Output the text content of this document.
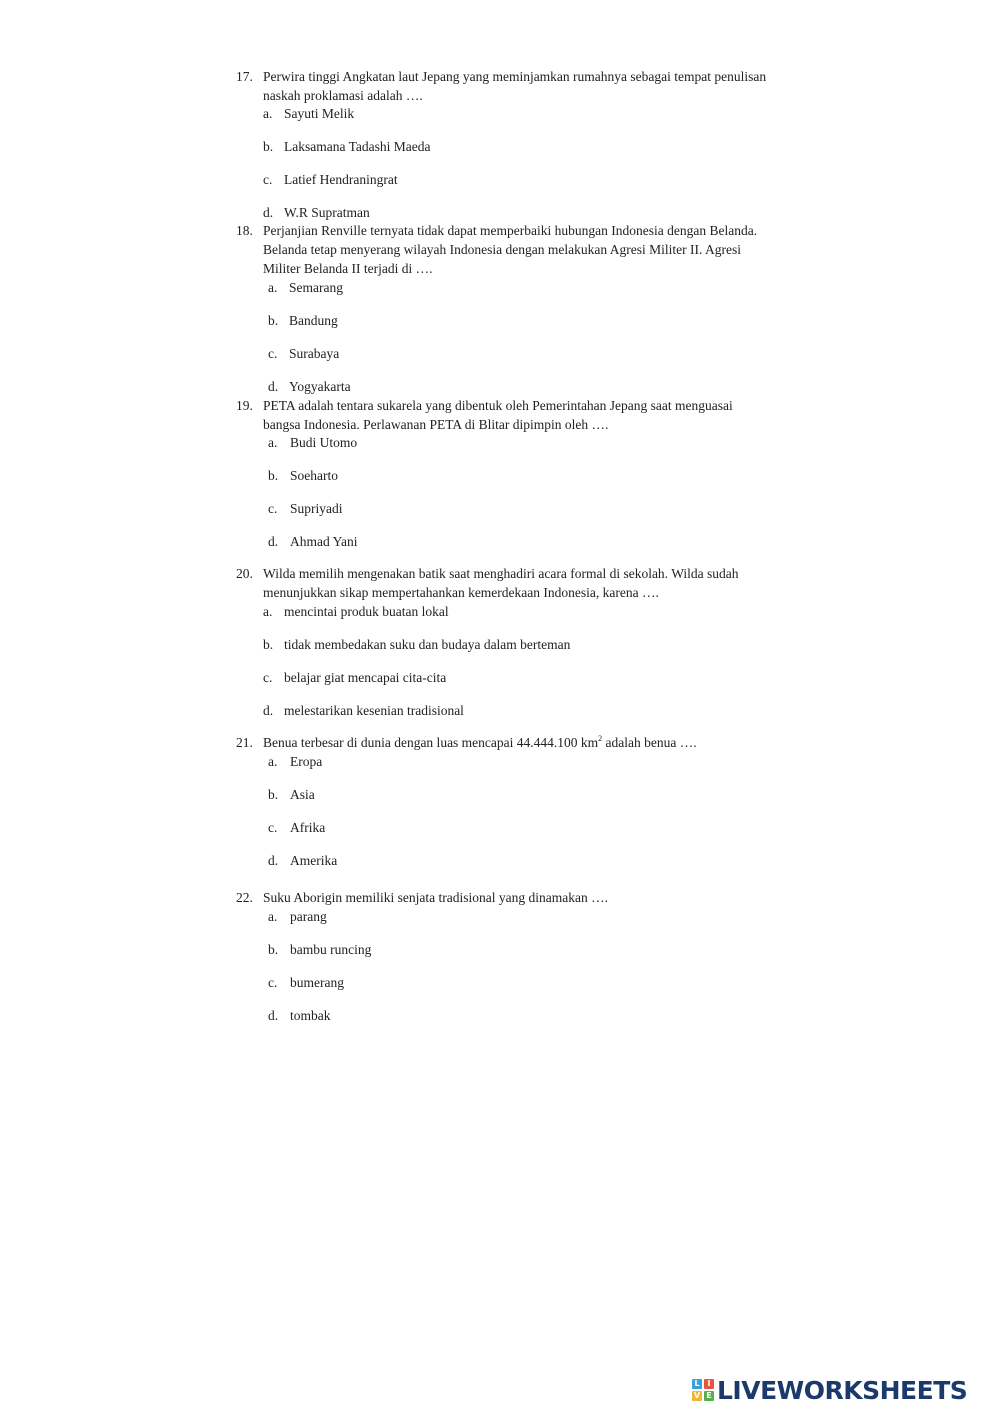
17. Perwira tinggi Angkatan laut Jepang yang meminjamkan rumahnya sebagai tempat penulisan
naskah proklamasi adalah ….
a. Sayuti Melik
b. Laksamana Tadashi Maeda
c. Latief Hendraningrat
d. W.R Supratman
18. Perjanjian Renville ternyata tidak dapat memperbaiki hubungan Indonesia dengan Belanda.
Belanda tetap menyerang wilayah Indonesia dengan melakukan Agresi Militer II. Agresi
Militer Belanda II terjadi di ….
a. Semarang
b. Bandung
c. Surabaya
d. Yogyakarta
19. PETA adalah tentara sukarela yang dibentuk oleh Pemerintahan Jepang saat menguasai
bangsa Indonesia. Perlawanan PETA di Blitar dipimpin oleh ….
a. Budi Utomo
b. Soeharto
c. Supriyadi
d. Ahmad Yani
20. Wilda memilih mengenakan batik saat menghadiri acara formal di sekolah. Wilda sudah
menunjukkan sikap mempertahankan kemerdekaan Indonesia, karena ….
a. mencintai produk buatan lokal
b. tidak membedakan suku dan budaya dalam berteman
c. belajar giat mencapai cita-cita
d. melestarikan kesenian tradisional
21. Benua terbesar di dunia dengan luas mencapai 44.444.100 $km^2$ adalah benua ….
a. Eropa
b. Asia
c. Afrika
d. Amerika
22. Suku Aborigin memiliki senjata tradisional yang dinamakan ….
a. parang
b. bambu runcing
c. bumerang
d. tombak
L I
V E LIVEWORKSHEETS
